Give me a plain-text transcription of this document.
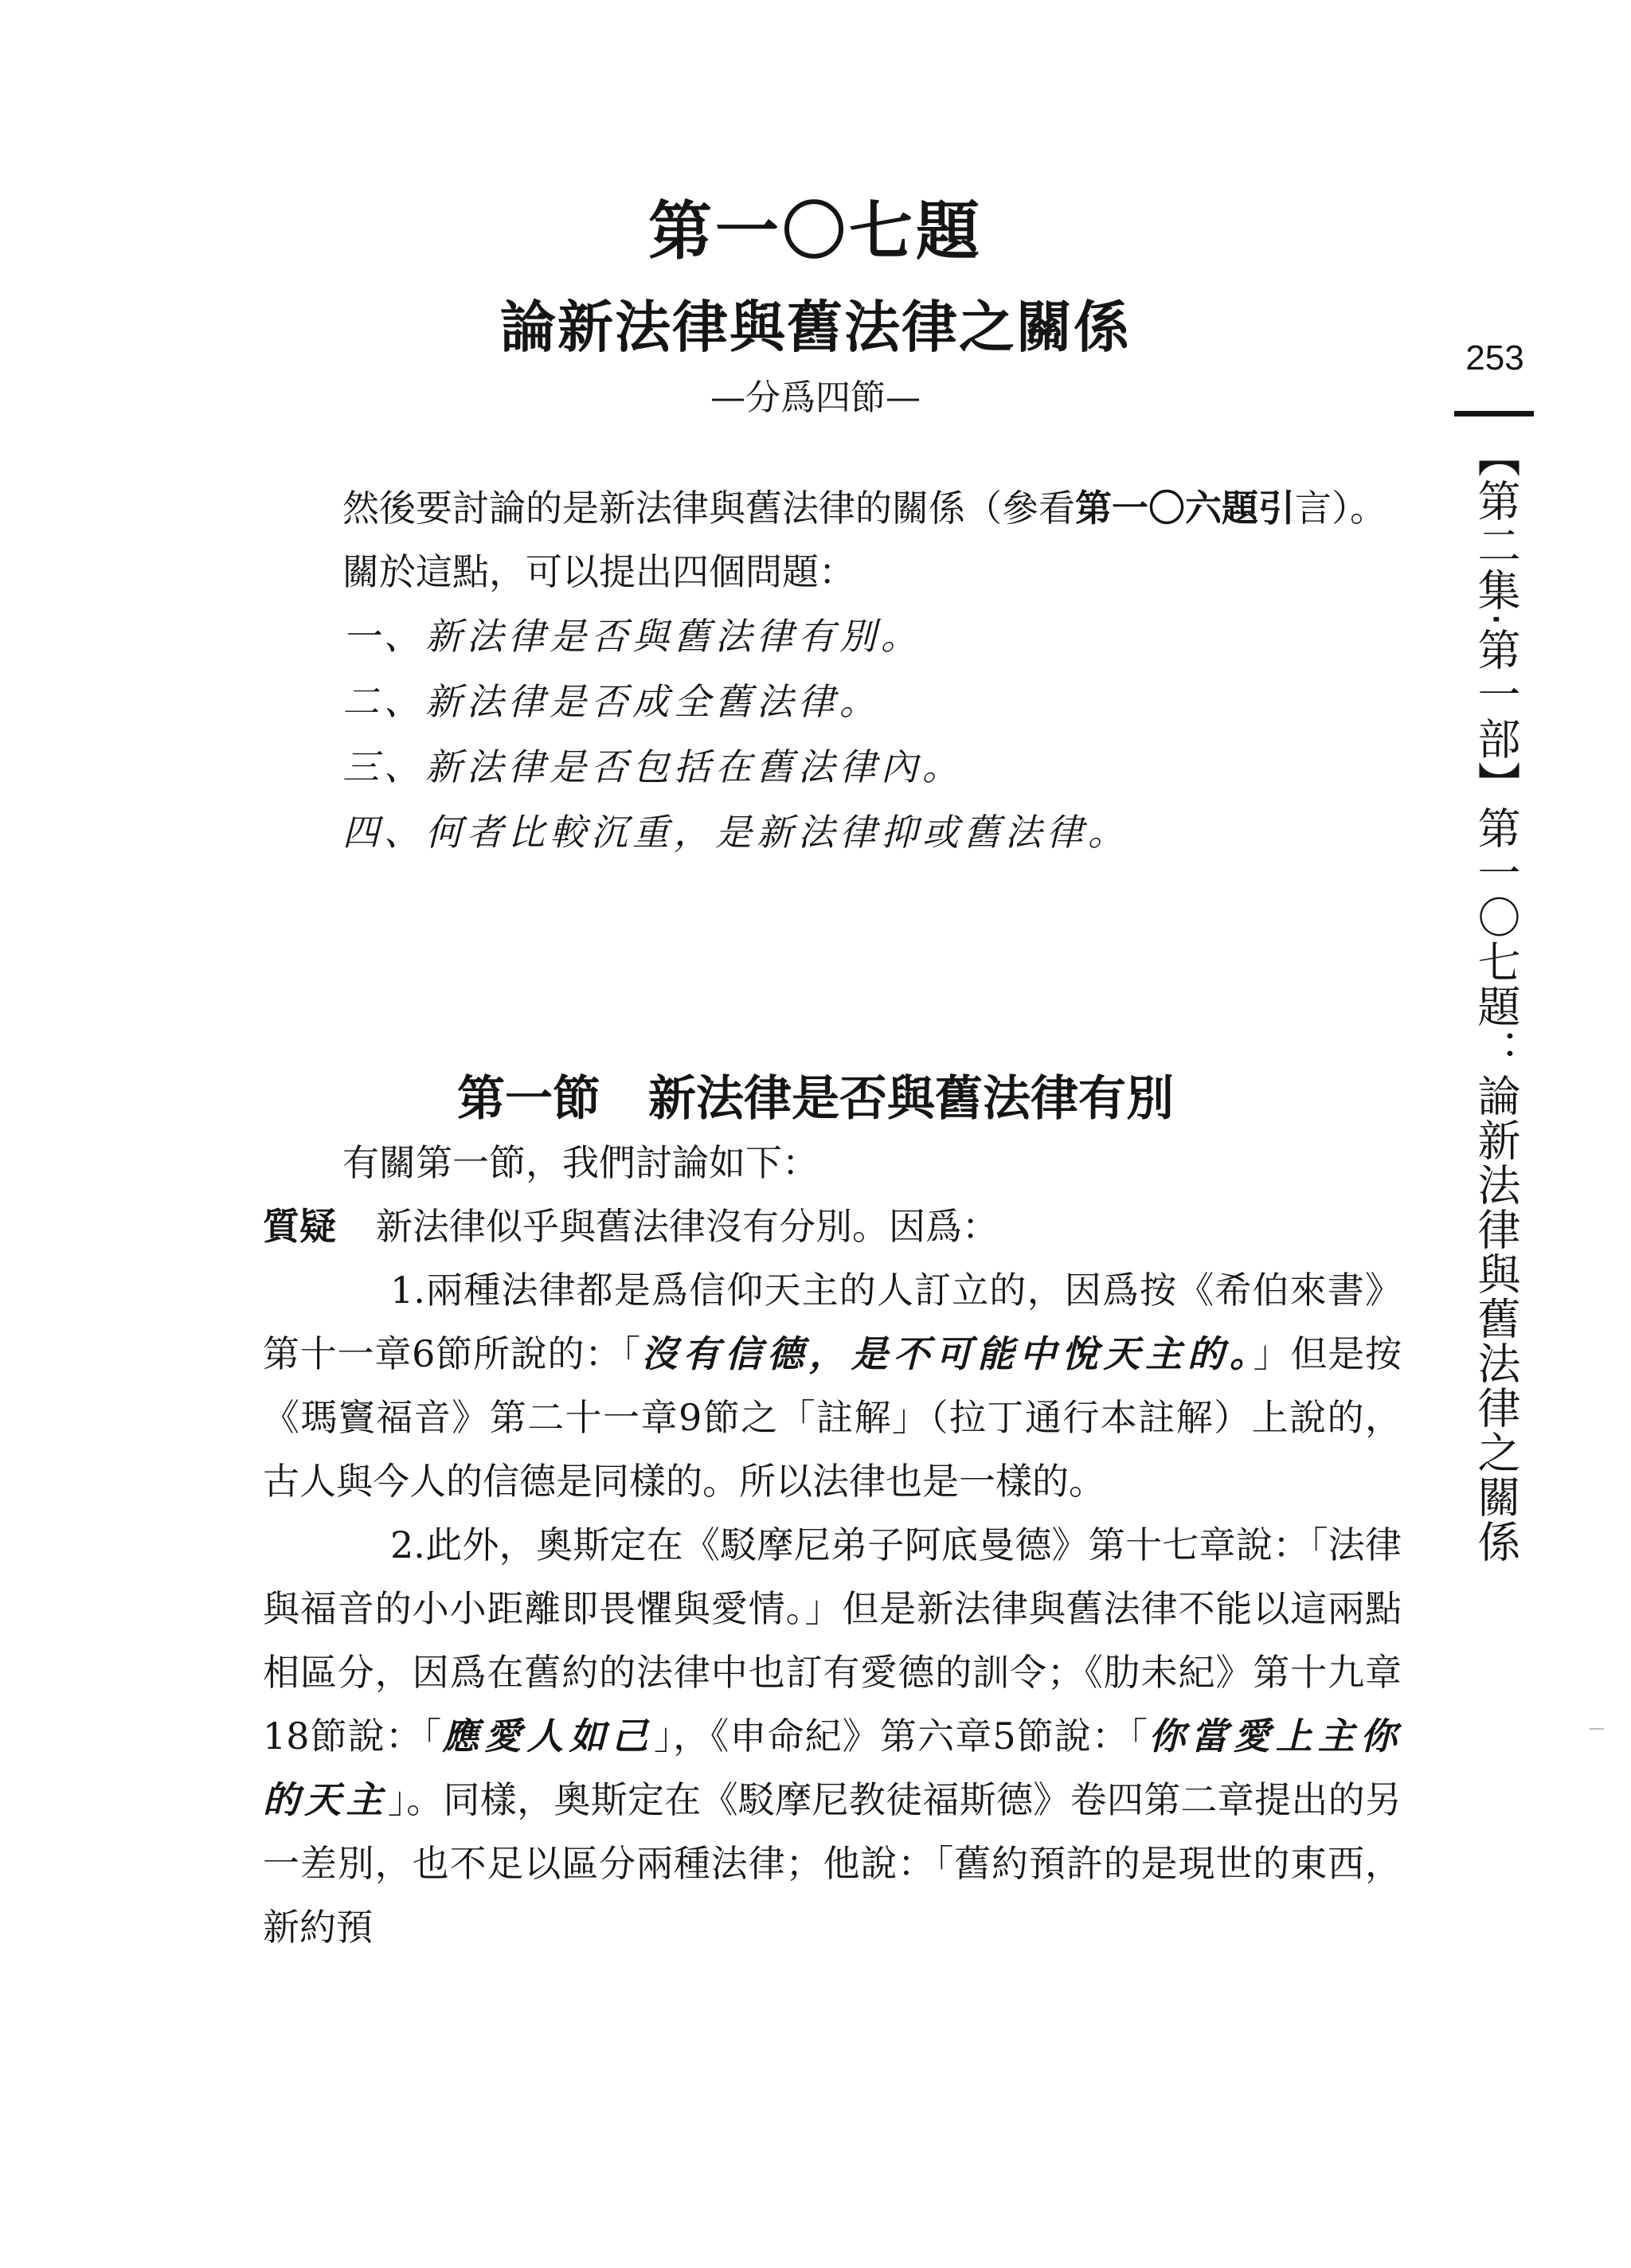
第一〇七題
論新法律與舊法律之關係
—分爲四節—
253
【第二集·第一部】第一〇七題：論新法律與舊法律之關係

然後要討論的是新法律與舊法律的關係（參看第一〇六題引言）。

關於這點，可以提出四個問題：

一、新法律是否與舊法律有別。

二、新法律是否成全舊法律。

三、新法律是否包括在舊法律內。

四、何者比較沉重，是新法律抑或舊法律。

第一節　新法律是否與舊法律有別

有關第一節，我們討論如下：

質疑 新法律似乎與舊法律沒有分別。因爲：

1.兩種法律都是爲信仰天主的人訂立的，因爲按《希伯來書》第十一章6節所說的：「沒有信德，是不可能中悅天主的。」但是按《瑪竇福音》第二十一章9節之「註解」（拉丁通行本註解）上說的，古人與今人的信德是同樣的。所以法律也是一樣的。

2.此外，奧斯定在《駁摩尼弟子阿底曼德》第十七章說：「法律與福音的小小距離即畏懼與愛情。」但是新法律與舊法律不能以這兩點相區分，因爲在舊約的法律中也訂有愛德的訓令；《肋未紀》第十九章18節說：「應愛人如己」，《申命紀》第六章5節說：「你當愛上主你的天主」。同樣，奧斯定在《駁摩尼教徒福斯德》卷四第二章提出的另一差別，也不足以區分兩種法律；他說：「舊約預許的是現世的東西，新約預
